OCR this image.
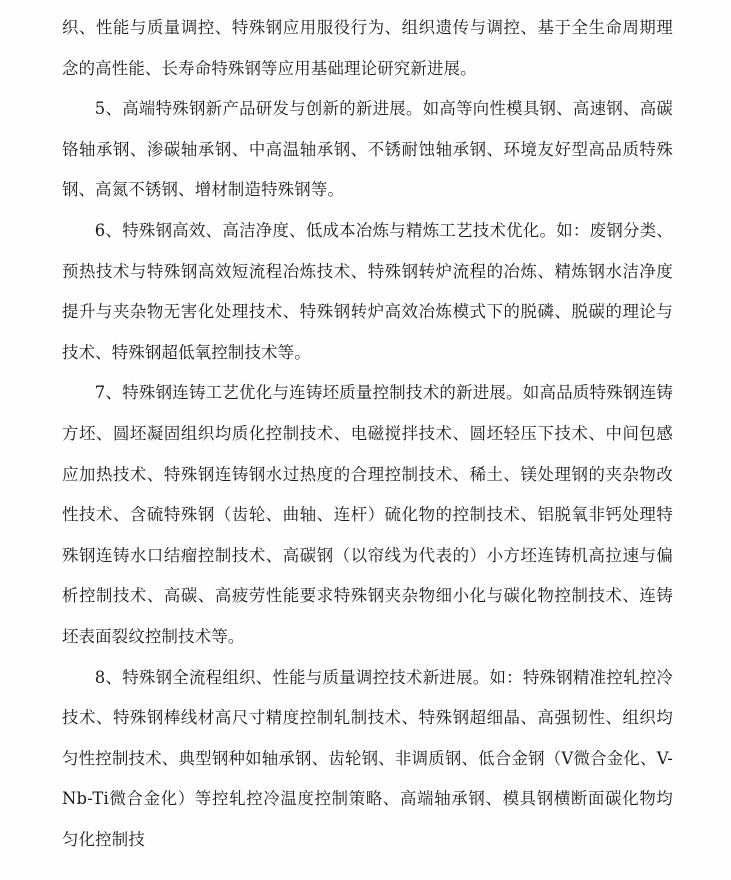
织、性能与质量调控、特殊钢应用服役行为、组织遗传与调控、基于全生命周期理念的高性能、长寿命特殊钢等应用基础理论研究新进展。

5、高端特殊钢新产品研发与创新的新进展。如高等向性模具钢、高速钢、高碳铬轴承钢、渗碳轴承钢、中高温轴承钢、不锈耐蚀轴承钢、环境友好型高品质特殊钢、高氮不锈钢、增材制造特殊钢等。

6、特殊钢高效、高洁净度、低成本冶炼与精炼工艺技术优化。如：废钢分类、预热技术与特殊钢高效短流程冶炼技术、特殊钢转炉流程的冶炼、精炼钢水洁净度提升与夹杂物无害化处理技术、特殊钢转炉高效冶炼模式下的脱磷、脱碳的理论与技术、特殊钢超低氧控制技术等。

7、特殊钢连铸工艺优化与连铸坯质量控制技术的新进展。如高品质特殊钢连铸方坯、圆坯凝固组织均质化控制技术、电磁搅拌技术、圆坯轻压下技术、中间包感应加热技术、特殊钢连铸钢水过热度的合理控制技术、稀土、镁处理钢的夹杂物改性技术、含硫特殊钢（齿轮、曲轴、连杆）硫化物的控制技术、铝脱氧非钙处理特殊钢连铸水口结瘤控制技术、高碳钢（以帘线为代表的）小方坯连铸机高拉速与偏析控制技术、高碳、高疲劳性能要求特殊钢夹杂物细小化与碳化物控制技术、连铸坯表面裂纹控制技术等。

8、特殊钢全流程组织、性能与质量调控技术新进展。如：特殊钢精准控轧控冷技术、特殊钢棒线材高尺寸精度控制轧制技术、特殊钢超细晶、高强韧性、组织均匀性控制技术、典型钢种如轴承钢、齿轮钢、非调质钢、低合金钢（V微合金化、V-Nb-Ti微合金化）等控轧控冷温度控制策略、高端轴承钢、模具钢横断面碳化物均匀化控制技
